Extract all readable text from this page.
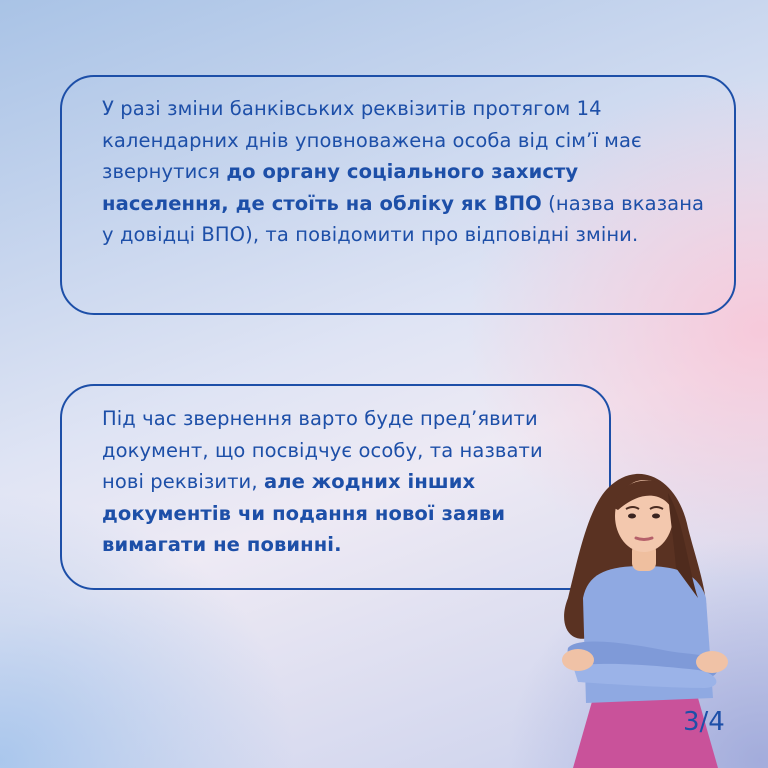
У разі зміни банківських реквізитів протягом 14 календарних днів уповноважена особа від сім’ї має звернутися до органу соціального захисту населення, де стоїть на обліку як ВПО (назва вказана у довідці ВПО), та повідомити про відповідні зміни.
Під час звернення варто буде пред’явити документ, що посвідчує особу, та назвати нові реквізити, але жодних інших документів чи подання нової заяви вимагати не повинні.
3/4
